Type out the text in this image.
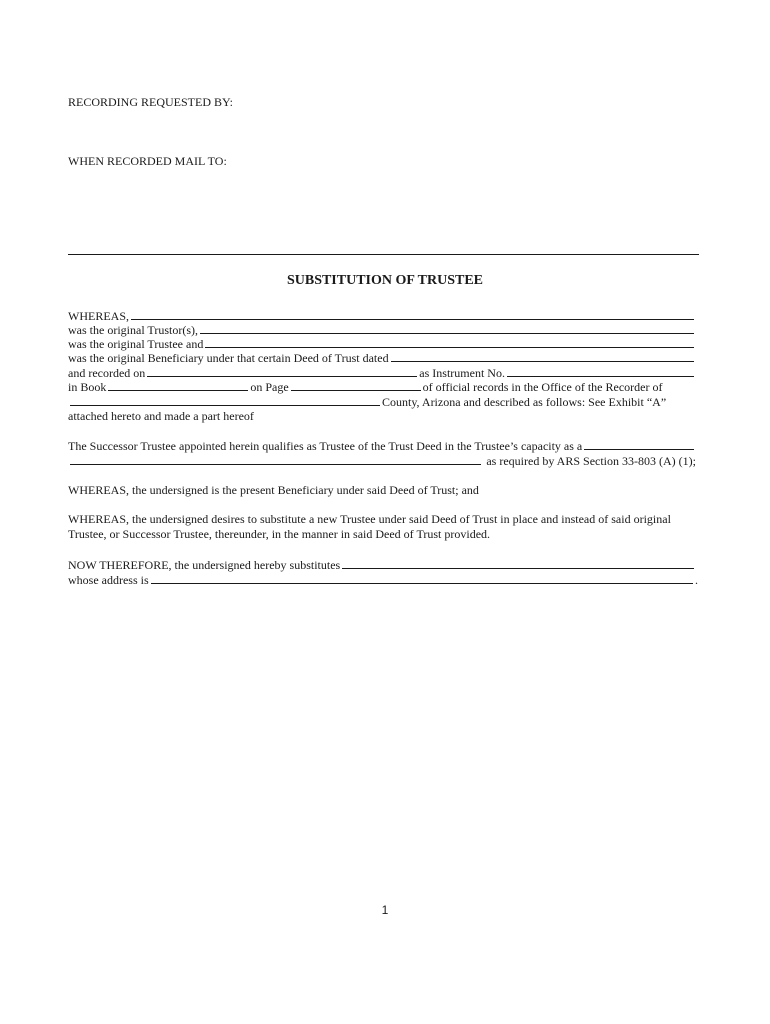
RECORDING REQUESTED BY:
WHEN RECORDED MAIL TO:
SUBSTITUTION OF TRUSTEE
WHEREAS,
was the original Trustor(s),
was the original Trustee and
was the original Beneficiary under that certain Deed of Trust dated
and recorded on	as Instrument No.
in Book	on Page	of official records in the Office of the Recorder of
County, Arizona and described as follows: See Exhibit “A”
attached hereto and made a part hereof
The Successor Trustee appointed herein qualifies as Trustee of the Trust Deed in the Trustee’s capacity as a
as required by ARS Section 33-803 (A) (1);
WHEREAS, the undersigned is the present Beneficiary under said Deed of Trust; and
WHEREAS, the undersigned desires to substitute a new Trustee under said Deed of Trust in place and instead of said original
Trustee, or Successor Trustee, thereunder, in the manner in said Deed of Trust provided.
NOW THEREFORE, the undersigned hereby substitutes
whose address is	.
1
